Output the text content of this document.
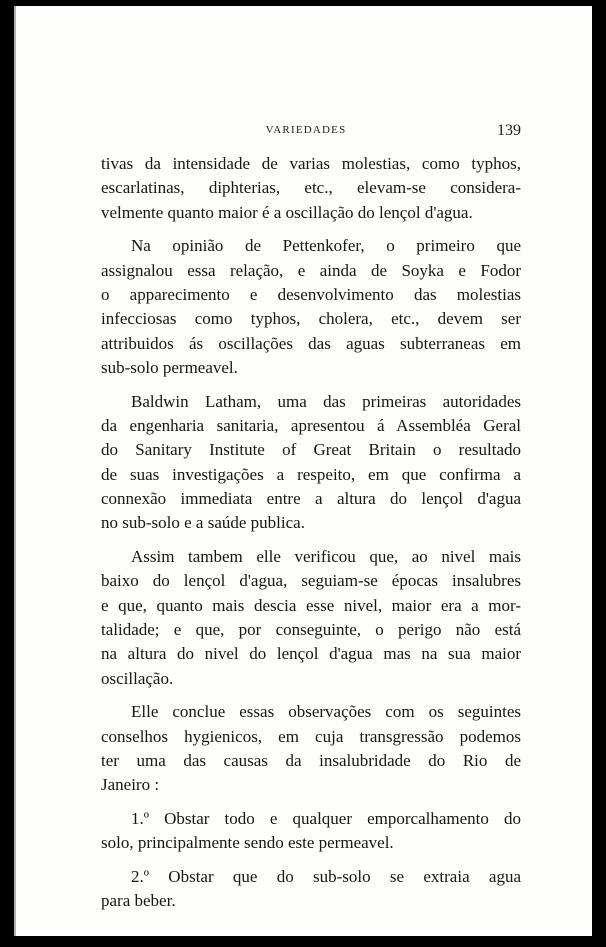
VARIEDADES	139
tivas da intensidade de varias molestias, como typhos,
escarlatinas, diphterias, etc., elevam-se considera-
velmente quanto maior é a oscillação do lençol d'agua.
Na opinião de Pettenkofer, o primeiro que
assignalou essa relação, e ainda de Soyka e Fodor
o apparecimento e desenvolvimento das molestias
infecciosas como typhos, cholera, etc., devem ser
attribuidos ás oscillações das aguas subterraneas em
sub-solo permeavel.
Baldwin Latham, uma das primeiras autoridades
da engenharia sanitaria, apresentou á Assembléa Geral
do Sanitary Institute of Great Britain o resultado
de suas investigações a respeito, em que confirma a
connexão immediata entre a altura do lençol d'agua
no sub-solo e a saúde publica.
Assim tambem elle verificou que, ao nivel mais
baixo do lençol d'agua, seguiam-se épocas insalubres
e que, quanto mais descia esse nivel, maior era a mor-
talidade; e que, por conseguinte, o perigo não está
na altura do nivel do lençol d'agua mas na sua maior
oscillação.
Elle conclue essas observações com os seguintes
conselhos hygienicos, em cuja transgressão podemos
ter uma das causas da insalubridade do Rio de
Janeiro :
1.º Obstar todo e qualquer emporcalhamento do
solo, principalmente sendo este permeavel.
2.º Obstar que do sub-solo se extraia agua
para beber.
